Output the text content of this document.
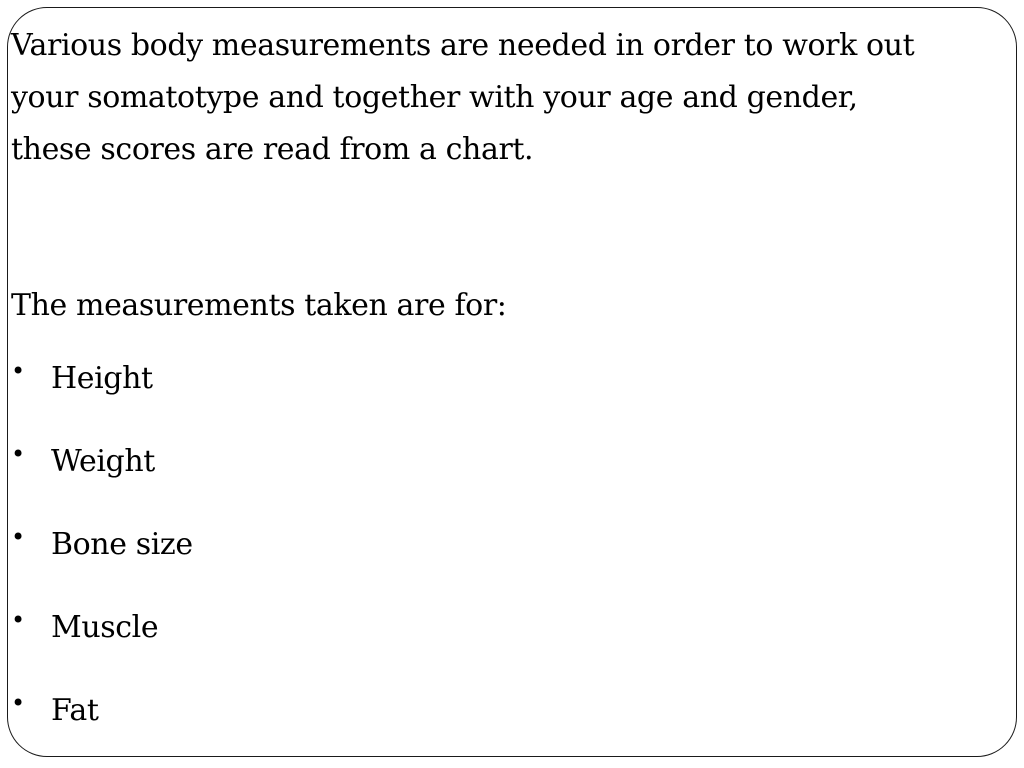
Various body measurements are needed in order to work out
your somatotype and together with your age and gender,
these scores are read from a chart.

The measurements taken are for:

• Height
• Weight
• Bone size
• Muscle
• Fat
